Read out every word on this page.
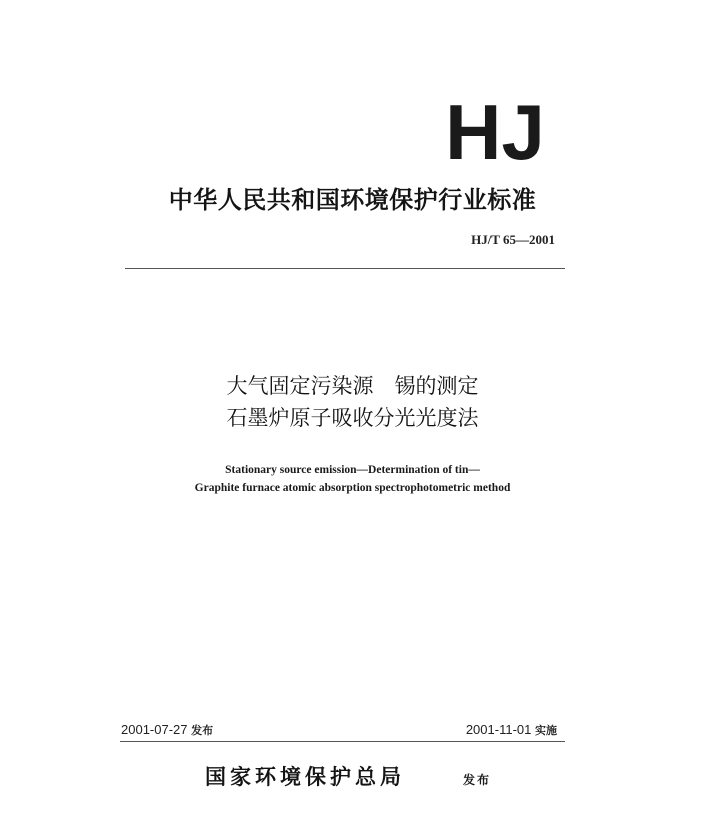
HJ
中华人民共和国环境保护行业标准
HJ/T 65—2001
大气固定污染源　锡的测定
石墨炉原子吸收分光光度法
Stationary source emission—Determination of tin—
Graphite furnace atomic absorption spectrophotometric method
2001-07-27 发布	2001-11-01 实施
国家环境保护总局	发布
